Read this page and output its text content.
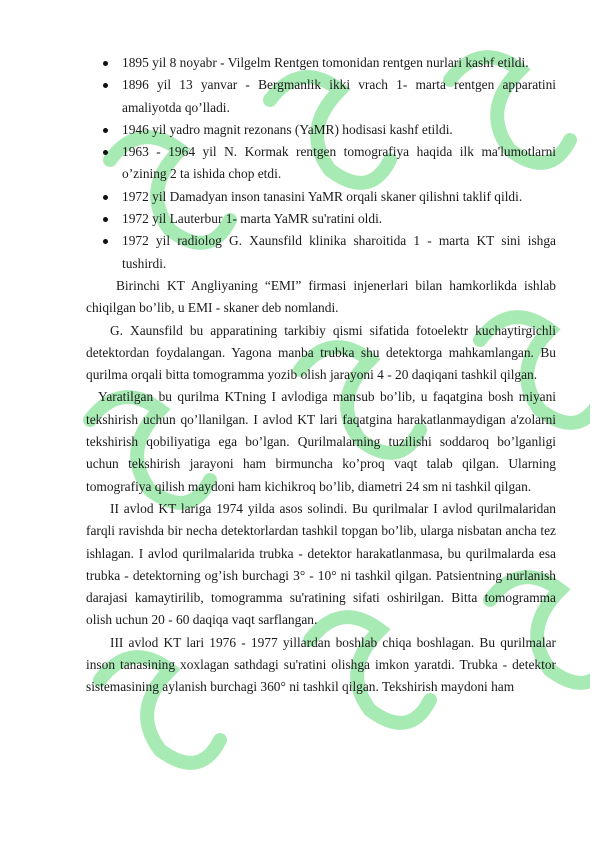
1895 yil 8 noyabr - Vilgelm Rentgen tomonidan rentgen nurlari kashf etildi.
1896 yil 13 yanvar - Bergmanlik ikki vrach 1- marta rentgen apparatini amaliyotda qo’lladi.
1946 yil yadro magnit rezonans (YaMR) hodisasi kashf etildi.
1963 - 1964 yil N. Kormak rentgen tomografiya haqida ilk ma'lumotlarni o’zining 2 ta ishida chop etdi.
1972 yil Damadyan inson tanasini YaMR orqali skaner qilishni taklif qildi.
1972 yil Lauterbur 1- marta YaMR su'ratini oldi.
1972 yil radiolog G. Xaunsfild klinika sharoitida 1 - marta KT sini ishga tushirdi.

Birinchi KT Angliyaning “EMI” firmasi injenerlari bilan hamkorlikda ishlab chiqilgan bo’lib, u EMI - skaner deb nomlandi.

G. Xaunsfild bu apparatining tarkibiy qismi sifatida fotoelektr kuchaytirgichli detektordan foydalangan. Yagona manba trubka shu detektorga mahkamlangan. Bu qurilma orqali bitta tomogramma yozib olish jarayoni 4 - 20 daqiqani tashkil qilgan.

Yaratilgan bu qurilma KTning I avlodiga mansub bo’lib, u faqatgina bosh miyani tekshirish uchun qo’llanilgan. I avlod KT lari faqatgina harakatlanmaydigan a'zolarni tekshirish qobiliyatiga ega bo’lgan. Qurilmalarning tuzilishi soddaroq bo’lganligi uchun tekshirish jarayoni ham birmuncha ko’proq vaqt talab qilgan. Ularning tomografiya qilish maydoni ham kichikroq bo’lib, diametri 24 sm ni tashkil qilgan.

II avlod KT lariga 1974 yilda asos solindi. Bu qurilmalar I avlod qurilmalaridan farqli ravishda bir necha detektorlardan tashkil topgan bo’lib, ularga nisbatan ancha tez ishlagan. I avlod qurilmalarida trubka - detektor harakatlanmasa, bu qurilmalarda esa trubka - detektorning og’ish burchagi 3° - 10° ni tashkil qilgan. Patsientning nurlanish darajasi kamaytirilib, tomogramma su'ratining sifati oshirilgan. Bitta tomogramma olish uchun 20 - 60 daqiqa vaqt sarflangan.

III avlod KT lari 1976 - 1977 yillardan boshlab chiqa boshlagan. Bu qurilmalar inson tanasining xoxlagan sathdagi su'ratini olishga imkon yaratdi. Trubka - detektor sistemasining aylanish burchagi 360° ni tashkil qilgan. Tekshirish maydoni ham
